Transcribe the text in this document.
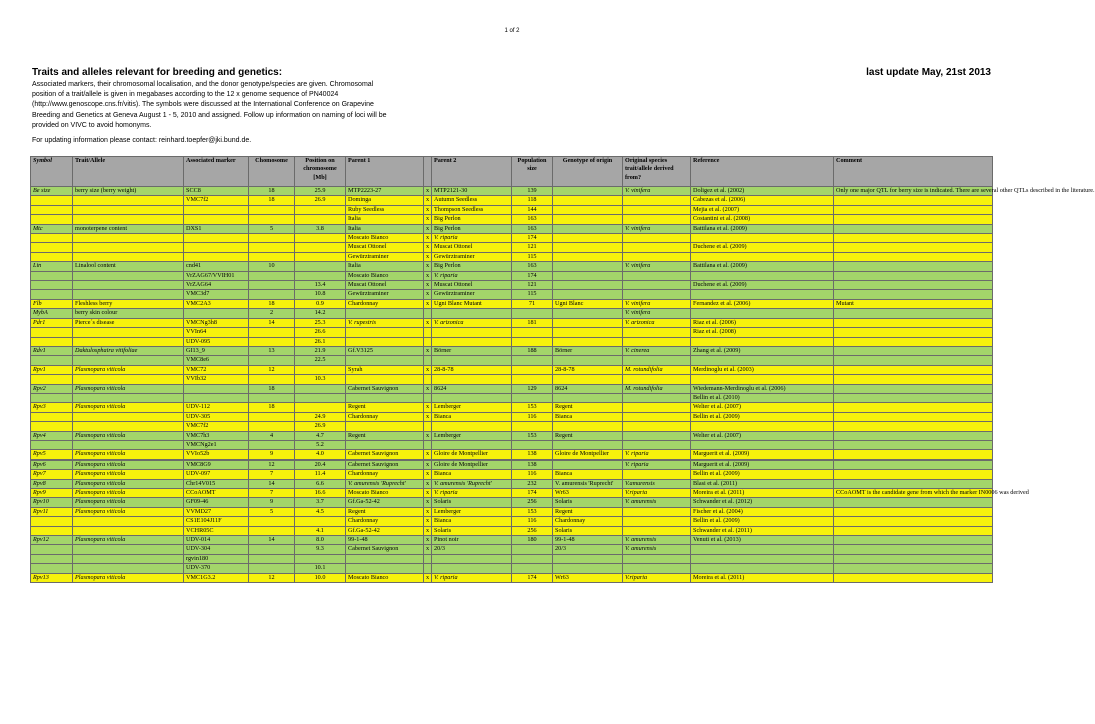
1 of 2
Traits and alleles relevant for breeding and genetics:	last update May, 21st 2013
Associated markers, their chromosomal localisation, and the donor genotype/species are given. Chromosomal
position of a trait/allele is given in megabases according to the 12 x genome sequence of PN40024
(http://www.genoscope.cns.fr/vitis). The symbols were discussed at the International Conference on Grapevine
Breeding and Genetics at Geneva August 1 - 5, 2010 and assigned. Follow up information on naming of loci will be
provided on VIVC to avoid homonyms.
For updating information please contact: reinhard.toepfer@jki.bund.de.
Symbol	Trait/Allele	Associated marker	Chomosome	Position on chromosome [Mb]	Parent 1		Parent 2	Population size	Genotype of origin	Original species trait/allele derived from?	Reference	Comment
Be size	berry size (berry weight)	SCC8	18	25.9	MTP2223-27	x	MTP2121-30	139		V. vinifera	Doligez et al. (2002)	Only one major QTL for berry size is indicated. There are several other QTLs described in the literature.
		VMC7f2	18	26.9	Dominga	x	Autumn Seedless	118			Cabezas et al. (2006)	
					Ruby Seedless	x	Thompson Seedless	144			Mejia et al. (2007)	
					Italia	x	Big Perlon	163			Costantini et al. (2008)	
Mtc	monoterpene content	DXS1	5	3.8	Italia	x	Big Perlon	163		V. vinifera	Battilana et al. (2009)	
					Moscato Bianco	x	V. riparia	174				
					Muscat Ottonel	x	Muscat Ottonel	121			Duchene et al. (2009)	
					Gewürztraminer	x	Gewürztraminer	115				
Lin	Linalool content	cnd41	10		Italia	x	Big Perlon	163		V. vinifera	Battilana et al. (2009)	
		VrZAG67/VVIH01			Moscato Bianco	x	V. riparia	174				
		VrZAG64		13.4	Muscat Ottonel	x	Muscat Ottonel	121			Duchene et al. (2009)	
		VMC3d7		10.8	Gewürztraminer	x	Gewürztraminer	115				
Flb	Fleshless berry	VMC2A3	18	0.9	Chardonnay	x	Ugni Blanc Mutant	71	Ugni Blanc	V. vinifera	Fernandez et al. (2006)	Mutant
MybA	berry skin colour		2	14.2						V. vinifera		
Pdr1	Pierce´s disease	VMCNg3h8	14	25.3	V. rupestris	x	V. arizonica	181		V. arizonica	Riaz et al. (2006)	
		VVIn64		26.6							Riaz et al. (2008)	
		UDV-095		26.1								
Rdv1	Daktulosphaira vitifoliae	GI13_9	13	21.9	Gf.V3125	x	Börner	188	Börner	V. cinerea	Zhang et al. (2009)	
		VMC8e6		22.5								
Rpv1	Plasmopara viticola	VMC72	12		Syrah	x	28-8-78		28-8-78	M. rotundifolia	Merdinoglu et al. (2003)	
		VVIb32		10.3								
Rpv2	Plasmopara viticola		18		Cabernet Sauvignon	x	8624	129	8624	M. rotundifolia	Wiedemann-Merdinoglu et al. (2006)	
											Bellin et al. (2010)	
Rpv3	Plasmopara viticola	UDV-112	18		Regent	x	Lemberger	153	Regent		Welter et al. (2007)	
		UDV-305		24.9	Chardonnay	x	Bianca	116	Bianca		Bellin et al. (2009)	
		VMC7f2		26.9								
Rpv4	Plasmopara viticola	VMC7h3	4	4.7	Regent	x	Lemberger	153	Regent		Welter et al. (2007)	
		VMCNg2e1		5.2								
Rpv5	Plasmopara viticola	VVIo52b	9	4.0	Cabernet Sauvignon	x	Gloire de Montpellier	138	Gloire de Montpellier	V. riparia	Marguerit et al. (2009)	

Rpv6	Plasmopara viticola	VMC8G9	12	20.4	Cabernet Sauvignon	x	Gloire de Montpellier	138		V. riparia	Marguerit et al. (2009)	
Rpv7	Plasmopara viticola	UDV-097	7	11.4	Chardonnay	x	Bianca	116	Bianca		Bellin et al. (2009)	
Rpv8	Plasmopara viticola	Chr14V015	14	6.6	V. amurensis 'Ruprecht'	x	V. amurensis 'Ruprecht'	232	V. amurensis 'Ruprecht'	V.amurensis	Blasi et al. (2011)	
Rpv9	Plasmopara viticola	CCoAOMT	7	16.6	Moscato Bianco	x	V. riparia	174	Wr63	V.riparia	Moreira et al. (2011)	CCoAOMT is the candidate gene from which the marker IN0006 was derived
Rpv10	Plasmopara viticola	GF09-46	9	3.7	Gf.Ga-52-42	x	Solaris	256	Solaris	V. amurensis	Schwander et al. (2012)	
Rpv11	Plasmopara viticola	VVMD27	5	4.5	Regent	x	Lemberger	153	Regent		Fischer et al. (2004)	
		CS1E104J11F			Chardonnay	x	Bianca	116	Chardonnay		Bellin et al. (2009)	
		VCHR05C		4.1	Gf.Ga-52-42	x	Solaris	256	Solaris		Schwander et al. (2011)	
Rpv12	Plasmopara viticola	UDV-014	14	8.0	99-1-48	x	Pinot noir	180	99-1-48	V. amurensis	Venuti et al. (2013)	
		UDV-304		9.3	Cabernet Sauvignon	x	20/3		20/3	V. amurensis		
		rgvin180										
		UDV-370		10.1								
Rpv13	Plasmopara viticola	VMC1G3.2	12	10.0	Moscato Bianco	x	V. riparia	174	Wr63	V.riparia	Moreira et al. (2011)	
